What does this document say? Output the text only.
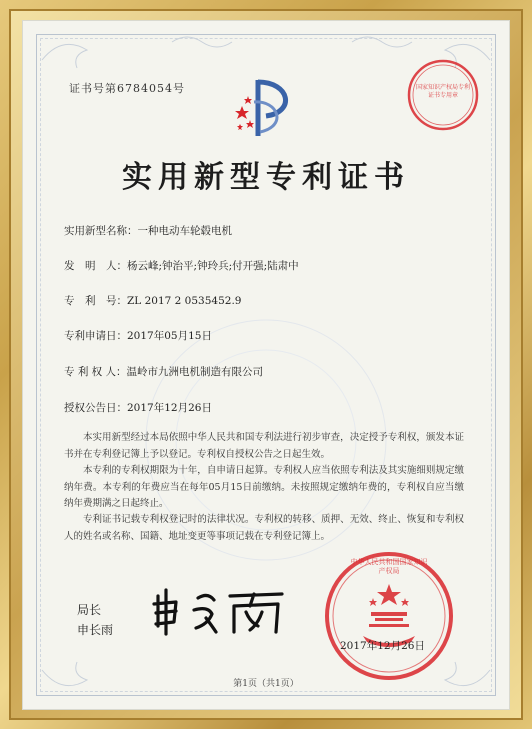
证书号第6784054号	国家知识产权局专利证书专用章
实用新型专利证书
实用新型名称：一种电动车轮毂电机
发　明　人：杨云峰;钟治平;钟玲兵;付开强;陆肃中
专　利　号：ZL 2017 2 0535452.9
专利申请日：2017年05月15日
专 利 权 人：温岭市九洲电机制造有限公司
授权公告日：2017年12月26日
本实用新型经过本局依照中华人民共和国专利法进行初步审查，决定授予专利权，颁发本证书并在专利登记簿上予以登记。专利权自授权公告之日起生效。
本专利的专利权期限为十年，自申请日起算。专利权人应当依照专利法及其实施细则规定缴纳年费。本专利的年费应当在每年05月15日前缴纳。未按照规定缴纳年费的，专利权自应当缴纳年费期满之日起终止。
专利证书记载专利权登记时的法律状况。专利权的转移、质押、无效、终止、恢复和专利权人的姓名或名称、国籍、地址变更等事项记载在专利登记簿上。
局长
申长雨
中华人民共和国国家知识产权局
2017年12月26日
第1页（共1页）
